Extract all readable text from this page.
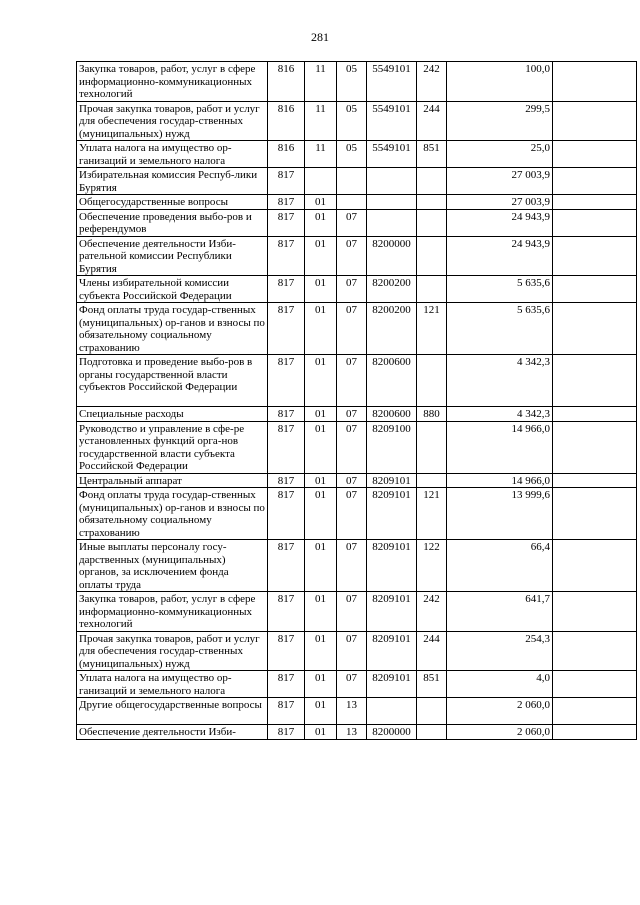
281
Закупка товаров, работ, услуг в сфере информационно-коммуникационных технологий	816	11	05	5549101	242	100,0	
Прочая закупка товаров, работ и услуг для обеспечения государ-ственных (муниципальных) нужд	816	11	05	5549101	244	299,5	
Уплата налога на имущество ор-ганизаций и земельного налога	816	11	05	5549101	851	25,0	
Избирательная комиссия Респуб-лики Бурятия	817					27 003,9	
Общегосударственные вопросы	817	01				27 003,9	
Обеспечение проведения выбо-ров и референдумов	817	01	07			24 943,9	
Обеспечение деятельности Изби-рательной комиссии Республики Бурятия	817	01	07	8200000		24 943,9	
Члены избирательной комиссии субъекта Российской Федерации	817	01	07	8200200		5 635,6	
Фонд оплаты труда государ-ственных (муниципальных) ор-ганов и взносы по обязательному социальному страхованию	817	01	07	8200200	121	5 635,6	
Подготовка и проведение выбо-ров в органы государственной власти субъектов Российской Федерации	817	01	07	8200600		4 342,3	
Специальные расходы	817	01	07	8200600	880	4 342,3	
Руководство и управление в сфе-ре установленных функций орга-нов государственной власти субъекта Российской Федерации	817	01	07	8209100		14 966,0	
Центральный аппарат	817	01	07	8209101		14 966,0	
Фонд оплаты труда государ-ственных (муниципальных) ор-ганов и взносы по обязательному социальному страхованию	817	01	07	8209101	121	13 999,6	
Иные выплаты персоналу госу-дарственных (муниципальных) органов, за исключением фонда оплаты труда	817	01	07	8209101	122	66,4	
Закупка товаров, работ, услуг в сфере информационно-коммуникационных технологий	817	01	07	8209101	242	641,7	
Прочая закупка товаров, работ и услуг для обеспечения государ-ственных (муниципальных) нужд	817	01	07	8209101	244	254,3	
Уплата налога на имущество ор-ганизаций и земельного налога	817	01	07	8209101	851	4,0	
Другие общегосударственные вопросы	817	01	13			2 060,0	
Обеспечение деятельности Изби-	817	01	13	8200000		2 060,0	
